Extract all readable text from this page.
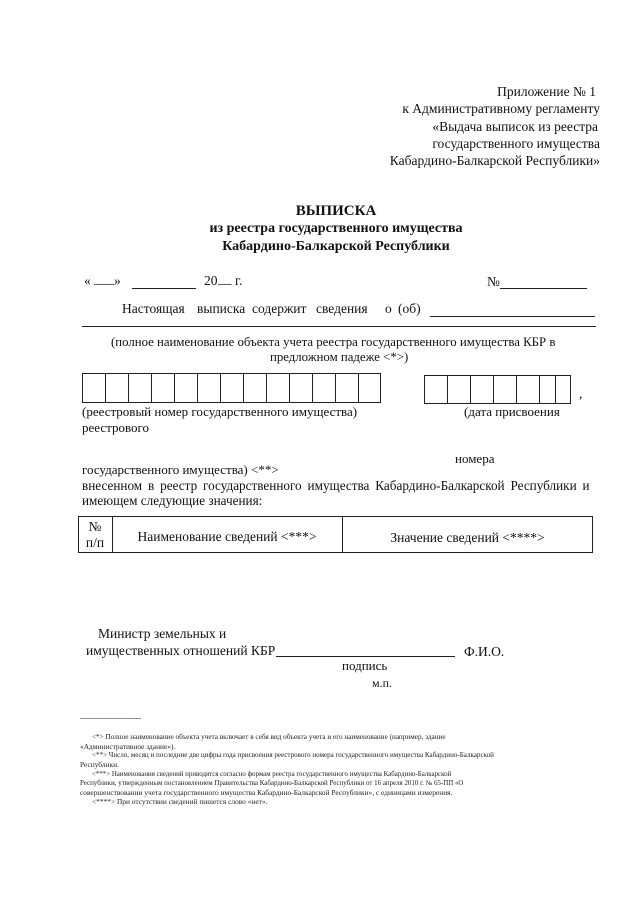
Приложение № 1
к Административному регламенту
«Выдача выписок из реестра
государственного имущества
Кабардино-Балкарской Республики»
ВЫПИСКА
из реестра государственного имущества
Кабардино-Балкарской Республики
« ___ »	20 __ г.	№
Настоящая выписка содержит сведения о (об)
(полное наименование объекта учета реестра государственного имущества КБР в
предложном падеже <*>)
,
(реестровый номер государственного имущества)
реестрового
(дата присвоения
номера
государственного имущества) <**>
внесенном в реестр государственного имущества Кабардино-Балкарской Республики и
имеющем следующие значения:
№
п/п	Наименование сведений <***>	Значение сведений <****>
Министр земельных и
имущественных отношений КБР	Ф.И.О.
подпись
м.п.
------------------------------
<*> Полное наименование объекта учета включает в себя вид объекта учета и его наименование (например, здание
«Административное здание»).
<**> Число, месяц и последние две цифры года присвоения реестрового номера государственного имущества Кабардино-Балкарской
Республики.
<***> Наименования сведений приводятся согласно формам реестра государственного имущества Кабардино-Балкарской
Республики, утвержденным постановлением Правительства Кабардино-Балкарской Республики от 16 апреля 2010 г. № 65-ПП «О
совершенствовании учета государственного имущества Кабардино-Балкарской Республики», с единицами измерения.
<****> При отсутствии сведений пишется слово «нет».
